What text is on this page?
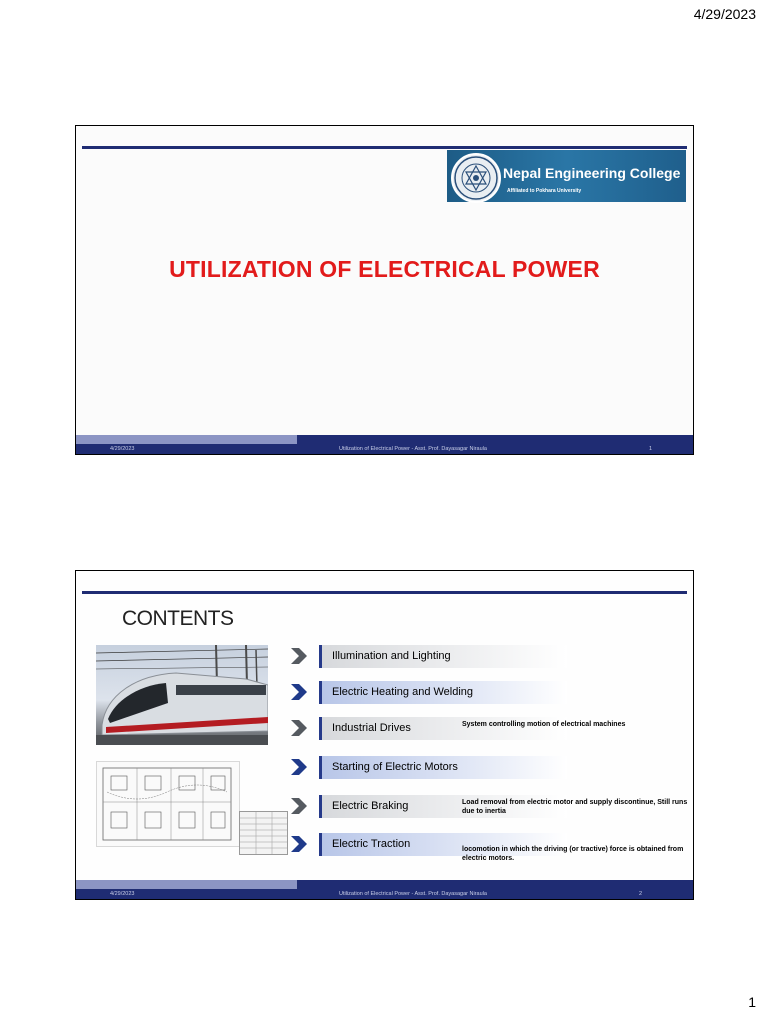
4/29/2023
Nepal Engineering College
Affiliated to Pokhara University
UTILIZATION OF ELECTRICAL POWER
4/29/2023	Utilization of Electrical Power - Asst. Prof. Dayasagar Niraula	1
CONTENTS
Illumination and Lighting
Electric Heating and Welding
Industrial Drives
Starting of Electric Motors
Electric Braking
Electric Traction
System controlling motion of electrical machines
Load removal from electric motor and supply discontinue, Still runs due to inertia
locomotion in which the driving (or tractive) force is obtained from electric motors.
4/29/2023	Utilization of Electrical Power - Asst. Prof. Dayasagar Niraula	2
1
